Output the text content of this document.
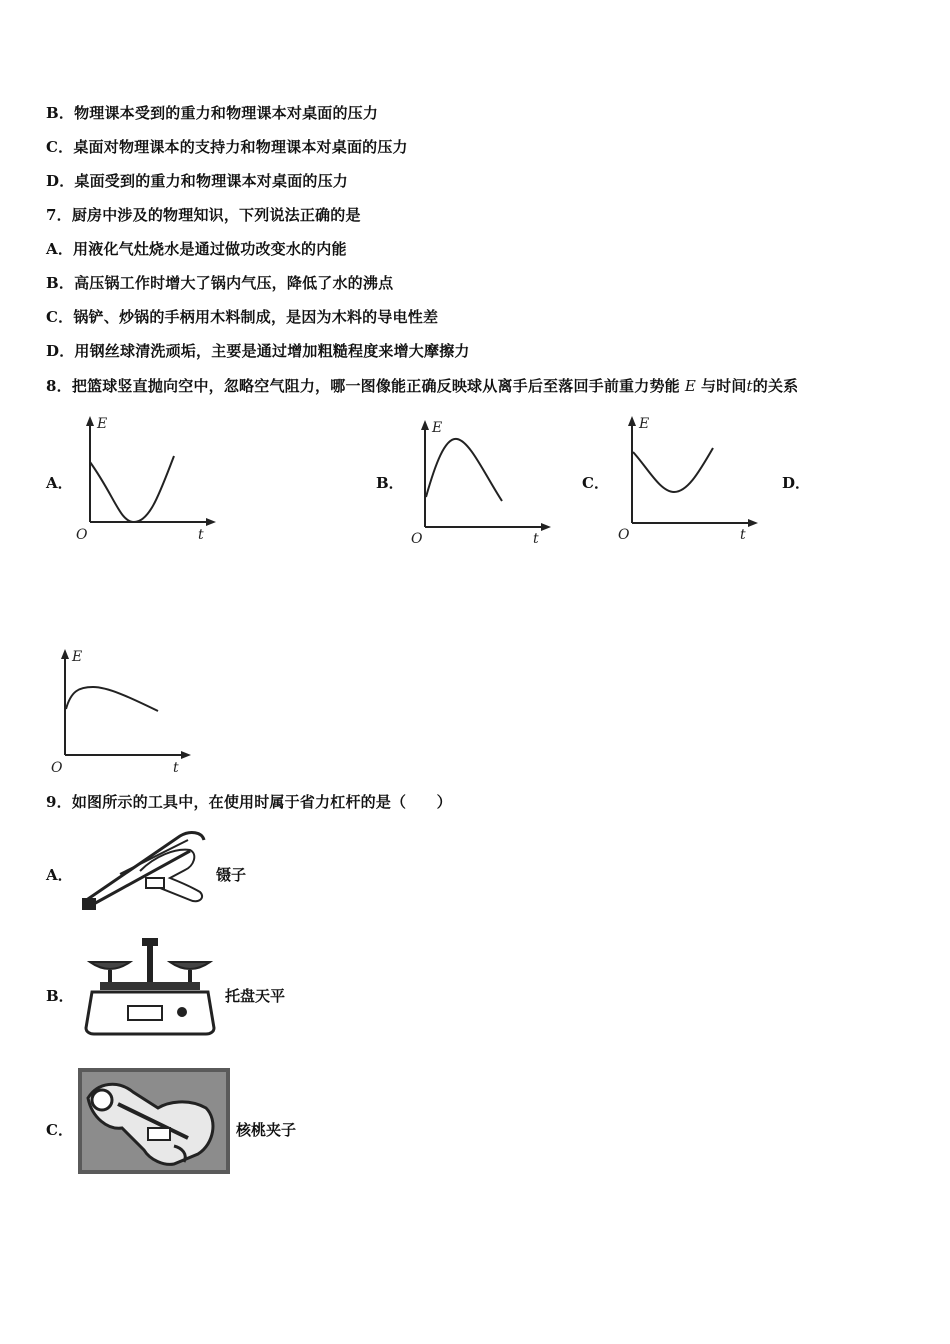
B．物理课本受到的重力和物理课本对桌面的压力
C．桌面对物理课本的支持力和物理课本对桌面的压力
D．桌面受到的重力和物理课本对桌面的压力
7．厨房中涉及的物理知识，下列说法正确的是
A．用液化气灶烧水是通过做功改变水的内能
B．高压锅工作时增大了锅内气压，降低了水的沸点
C．锅铲、炒锅的手柄用木料制成，是因为木料的导电性差
D．用钢丝球清洗顽垢，主要是通过增加粗糙程度来增大摩擦力
8．把篮球竖直抛向空中，忽略空气阻力，哪一图像能正确反映球从离手后至落回手前重力势能 E 与时间t的关系
A．	B．	C．	D．
E
O	t
E
O	t
E
O	t
E
O	t
9．如图所示的工具中，在使用时属于省力杠杆的是（　　）
A．	镊子
B．	托盘天平
C．	核桃夹子
